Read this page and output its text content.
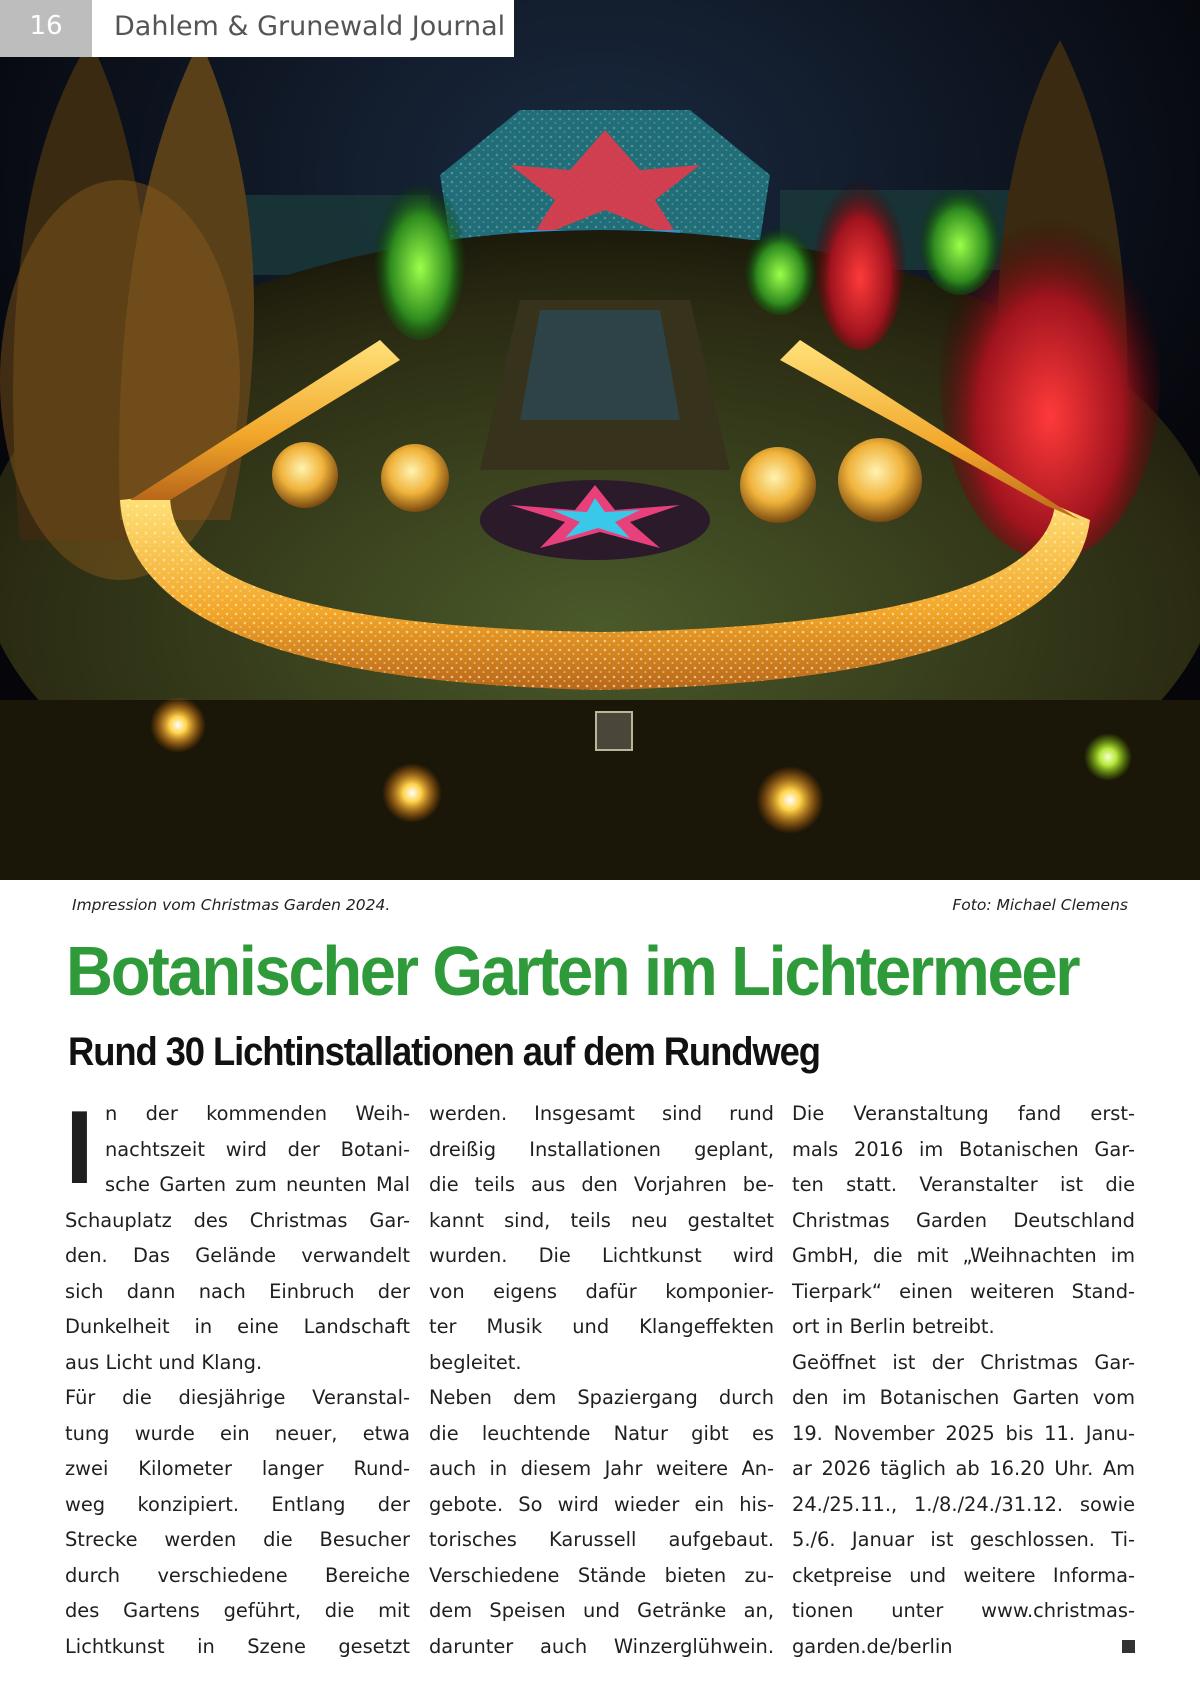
16	Dahlem & Grunewald Journal
Impression vom Christmas Garden 2024.	Foto: Michael Clemens
Botanischer Garten im Lichtermeer
Rund 30 Lichtinstallationen auf dem Rundweg
I n der kommenden Weih-
nachtszeit wird der Botani-
sche Garten zum neunten Mal
Schauplatz des Christmas Gar-
den. Das Gelände verwandelt
sich dann nach Einbruch der
Dunkelheit in eine Landschaft
aus Licht und Klang.
Für die diesjährige Veranstal-
tung wurde ein neuer, etwa
zwei Kilometer langer Rund-
weg konzipiert. Entlang der
Strecke werden die Besucher
durch verschiedene Bereiche
des Gartens geführt, die mit
Lichtkunst in Szene gesetzt
werden. Insgesamt sind rund
dreißig Installationen geplant,
die teils aus den Vorjahren be-
kannt sind, teils neu gestaltet
wurden. Die Lichtkunst wird
von eigens dafür komponier-
ter Musik und Klangeffekten
begleitet.
Neben dem Spaziergang durch
die leuchtende Natur gibt es
auch in diesem Jahr weitere An-
gebote. So wird wieder ein his-
torisches Karussell aufgebaut.
Verschiedene Stände bieten zu-
dem Speisen und Getränke an,
darunter auch Winzerglühwein.
Die Veranstaltung fand erst-
mals 2016 im Botanischen Gar-
ten statt. Veranstalter ist die
Christmas Garden Deutschland
GmbH, die mit „Weihnachten im
Tierpark“ einen weiteren Stand-
ort in Berlin betreibt.
Geöffnet ist der Christmas Gar-
den im Botanischen Garten vom
19. November 2025 bis 11. Janu-
ar 2026 täglich ab 16.20 Uhr. Am
24./25.11., 1./8./24./31.12. sowie
5./6. Januar ist geschlossen. Ti-
cketpreise und weitere Informa-
tionen unter www.christmas-
garden.de/berlin
